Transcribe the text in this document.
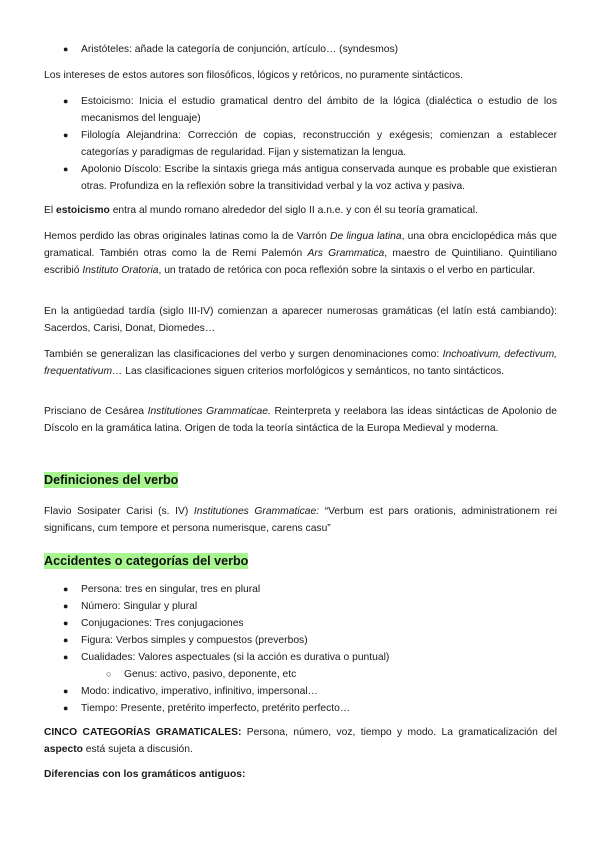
● Aristóteles: añade la categoría de conjunción, artículo… (syndesmos)

Los intereses de estos autores son filosóficos, lógicos y retóricos, no puramente sintácticos.

● Estoicismo: Inicia el estudio gramatical dentro del ámbito de la lógica (dialéctica o estudio de los mecanismos del lenguaje)
● Filología Alejandrina: Corrección de copias, reconstrucción y exégesis; comienzan a establecer categorías y paradigmas de regularidad. Fijan y sistematizan la lengua.
● Apolonio Díscolo: Escribe la sintaxis griega más antigua conservada aunque es probable que existieran otras. Profundiza en la reflexión sobre la transitividad verbal y la voz activa y pasiva.

El estoicismo entra al mundo romano alrededor del siglo II a.n.e. y con él su teoría gramatical.

Hemos perdido las obras originales latinas como la de Varrón De lingua latina, una obra enciclopédica más que gramatical. También otras como la de Remi Palemón Ars Grammatica, maestro de Quintiliano. Quintiliano escribió Instituto Oratoria, un tratado de retórica con poca reflexión sobre la sintaxis o el verbo en particular.

En la antigüedad tardía (siglo III-IV) comienzan a aparecer numerosas gramáticas (el latín está cambiando): Sacerdos, Carisi, Donat, Diomedes…

También se generalizan las clasificaciones del verbo y surgen denominaciones como: Inchoativum, defectivum, frequentativum… Las clasificaciones siguen criterios morfológicos y semánticos, no tanto sintácticos.

Prisciano de Cesárea Institutiones Grammaticae. Reinterpreta y reelabora las ideas sintácticas de Apolonio de Díscolo en la gramática latina. Origen de toda la teoría sintáctica de la Europa Medieval y moderna.

Definiciones del verbo

Flavio Sosipater Carisi (s. IV) Institutiones Grammaticae: “Verbum est pars orationis, administrationem rei significans, cum tempore et persona numerisque, carens casu”

Accidentes o categorías del verbo
● Persona: tres en singular, tres en plural
● Número: Singular y plural
● Conjugaciones: Tres conjugaciones
● Figura: Verbos simples y compuestos (preverbos)
● Cualidades: Valores aspectuales (si la acción es durativa o puntual)
○ Genus: activo, pasivo, deponente, etc
● Modo: indicativo, imperativo, infinitivo, impersonal…
● Tiempo: Presente, pretérito imperfecto, pretérito perfecto…

CINCO CATEGORÍAS GRAMATICALES: Persona, número, voz, tiempo y modo. La gramaticalización del aspecto está sujeta a discusión.

Diferencias con los gramáticos antiguos:
